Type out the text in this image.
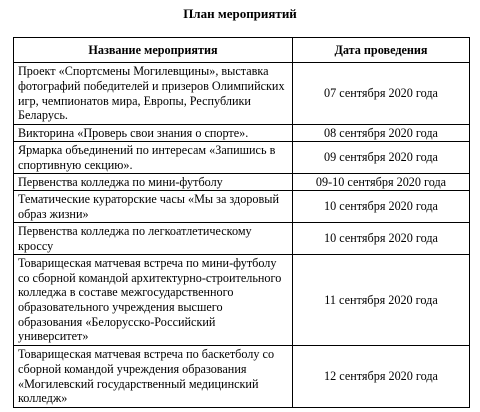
План мероприятий
Название мероприятия	Дата проведения
Проект «Спортсмены Могилевщины», выставка фотографий победителей и призеров Олимпийских игр, чемпионатов мира, Европы, Республики Беларусь.	07 сентября 2020 года
Викторина «Проверь свои знания о спорте».	08 сентября 2020 года
Ярмарка объединений по интересам «Запишись в спортивную секцию».	09 сентября 2020 года
Первенства колледжа по мини-футболу	09-10 сентября 2020 года
Тематические кураторские часы «Мы за здоровый образ жизни»	10 сентября 2020 года
Первенства колледжа по легкоатлетическому кроссу	10 сентября 2020 года
Товарищеская матчевая встреча по мини-футболу со сборной командой архитектурно-строительного колледжа в составе межгосударственного образовательного учреждения высшего образования «Белорусско-Российский университет»	11 сентября 2020 года
Товарищеская матчевая встреча по баскетболу со сборной командой учреждения образования «Могилевский государственный медицинский колледж»	12 сентября 2020 года
